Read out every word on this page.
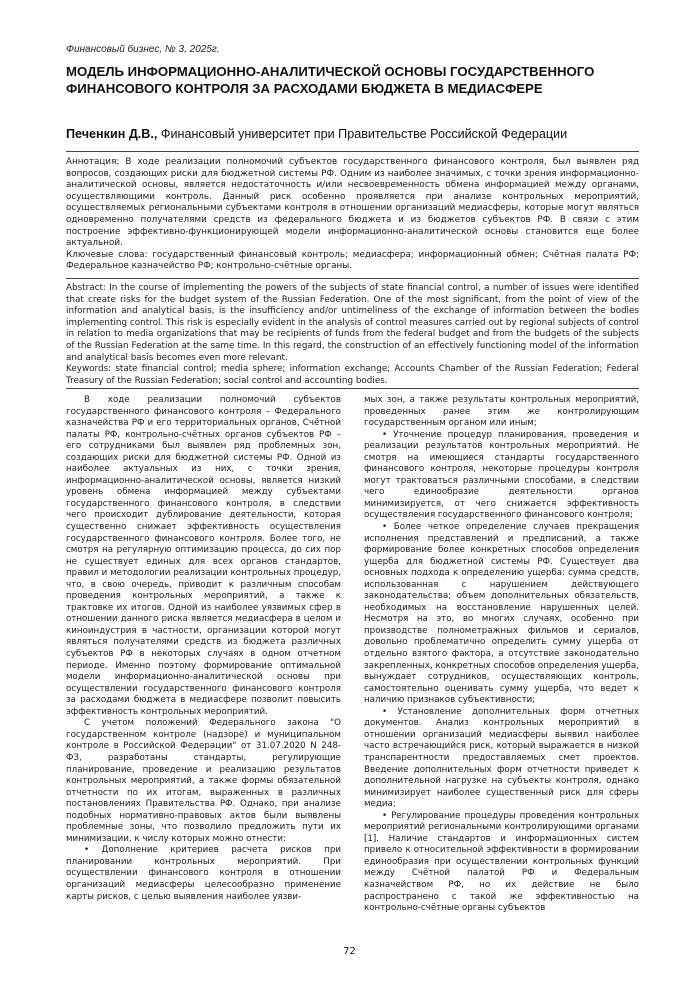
Финансовый бизнес, № 3, 2025г.
МОДЕЛЬ ИНФОРМАЦИОННО-АНАЛИТИЧЕСКОЙ ОСНОВЫ ГОСУДАРСТВЕННОГО ФИНАНСОВОГО КОНТРОЛЯ ЗА РАСХОДАМИ БЮДЖЕТА В МЕДИАСФЕРЕ
Печенкин Д.В., Финансовый университет при Правительстве Российской Федерации

Аннотация: В ходе реализации полномочий субъектов государственного финансового контроля, был выявлен ряд вопросов, создающих риски для бюджетной системы РФ. Одним из наиболее значимых, с точки зрения информационно-аналитической основы, является недостаточность и/или несвоевременность обмена информацией между органами, осуществляющими контроль. Данный риск особенно проявляется при анализе контрольных мероприятий, осуществляемых региональными субъектами контроля в отношении организаций медиасферы, которые могут являться одновременно получателями средств из федерального бюджета и из бюджетов субъектов РФ. В связи с этим построение эффективно-функционирующей модели информационно-аналитической основы становится еще более актуальной.

Ключевые слова: государственный финансовый контроль; медиасфера; информационный обмен; Счётная палата РФ; Федеральное казначейство РФ; контрольно-счётные органы.

Abstract: In the course of implementing the powers of the subjects of state financial control, a number of issues were identified that create risks for the budget system of the Russian Federation. One of the most significant, from the point of view of the information and analytical basis, is the insufficiency and/or untimeliness of the exchange of information between the bodies implementing control. This risk is especially evident in the analysis of control measures carried out by regional subjects of control in relation to media organizations that may be recipients of funds from the federal budget and from the budgets of the subjects of the Russian Federation at the same time. In this regard, the construction of an effectively functioning model of the information and analytical basis becomes even more relevant.

Keywords: state financial control; media sphere; information exchange; Accounts Chamber of the Russian Federation; Federal Treasury of the Russian Federation; social control and accounting bodies.

В ходе реализации полномочий субъектов государственного финансового контроля – Федерального казначейства РФ и его территориальных органов, Счётной палаты РФ, контрольно-счётных органов субъектов РФ – его сотрудниками был выявлен ряд проблемных зон, создающих риски для бюджетной системы РФ. Одной из наиболее актуальных из них, с точки зрения, информационно-аналитической основы, является низкий уровень обмена информацией между субъектами государственного финансового контроля, в следствии чего происходит дублирование деятельности, которая существенно снижает эффективность осуществления государственного финансового контроля. Более того, не смотря на регулярную оптимизацию процесса, до сих пор не существует единых для всех органов стандартов, правил и методологии реализации контрольных процедур, что, в свою очередь, приводит к различным способам проведения контрольных мероприятий, а также к трактовке их итогов. Одной из наиболее уязвимых сфер в отношении данного риска является медиасфера в целом и кинoиндустрия в частности, организации которой могут являться получателями средств из бюджета различных субъектов РФ в некоторых случаях в одном отчетном периоде. Именно поэтому формирование оптимальной модели информационно-аналитической основы при осуществлении государственного финансового контроля за расходами бюджета в медиасфере позволит повысить эффективность контрольных мероприятий.

С учетом положений Федерального закона "О государственном контроле (надзоре) и муниципальном контроле в Российской Федерации" от 31.07.2020 N 248-ФЗ, разработаны стандарты, регулирующие планирование, проведение и реализацию результатов контрольных мероприятий, а также формы обязательной отчетности по их итогам, выраженных в различных постановлениях Правительства РФ. Однако, при анализе подобных нормативно-правовых актов были выявлены проблемные зоны, что позволило предложить пути их минимизации, к числу которых можно отнести:

• Дополнение критериев расчета рисков при планировании контрольных мероприятий. При осуществлении финансового контроля в отношении организаций медиасферы целесообразно применение карты рисков, с целью выявления наиболее уязви-

мых зон, а также результаты контрольных мероприятий, проведенных ранее этим же контролирующим государственным органом или иным;

• Уточнение процедур планирования, проведения и реализации результатов контрольных мероприятий. Не смотря на имеющиеся стандарты государственного финансового контроля, некоторые процедуры контроля могут трактоваться различными способами, в следствии чего единообразие деятельности органов минимизируется, от чего снижается эффективность осуществления государственного финансового контроля;

• Более четкое определение случаев прекращения исполнения представлений и предписаний, а также формирование более конкретных способов определения ущерба для бюджетной системы РФ. Существует два основных подхода к определению ущерба: сумма средств, использованная с нарушением действующего законодательства; объем дополнительных обязательств, необходимых на восстановление нарушенных целей. Несмотря на это, во многих случаях, особенно при производстве полнометражных фильмов и сериалов, довольно проблематично определить сумму ущерба от отдельно взятого фактора, а отсутствие законодательно закрепленных, конкретных способов определения ущерба, вынуждает сотрудников, осуществляющих контроль, самостоятельно оценивать сумму ущерба, что ведет к наличию признаков субъективности;

• Установление дополнительных форм отчетных документов. Анализ контрольных мероприятий в отношении организаций медиасферы выявил наиболее часто встречающийся риск, который выражается в низкой транспарентности предоставляемых смет проектов. Введение дополнительных форм отчетности приведет к дополнительной нагрузке на субъекты контроля, однако минимизирует наиболее существенный риск для сферы медиа;

• Регулирование процедуры проведения контрольных мероприятий региональными контролирующими органами [1]. Наличие стандартов и информационных систем привело к относительной эффективности в формировании единообразия при осуществлении контрольных функций между Счётной палатой РФ и Федеральным казначейством РФ, но их действие не было распространено с такой же эффективностью на контрольно-счётные органы субъектов

72
